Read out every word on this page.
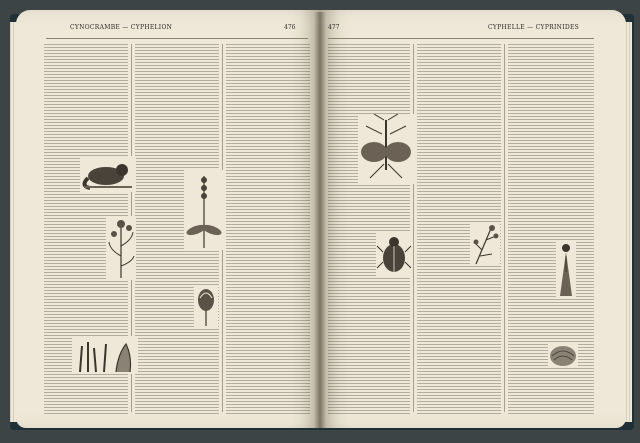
CYNOCRAMBE — CYPHELION	476	477	CYPHELLE — CYPRINIDES
